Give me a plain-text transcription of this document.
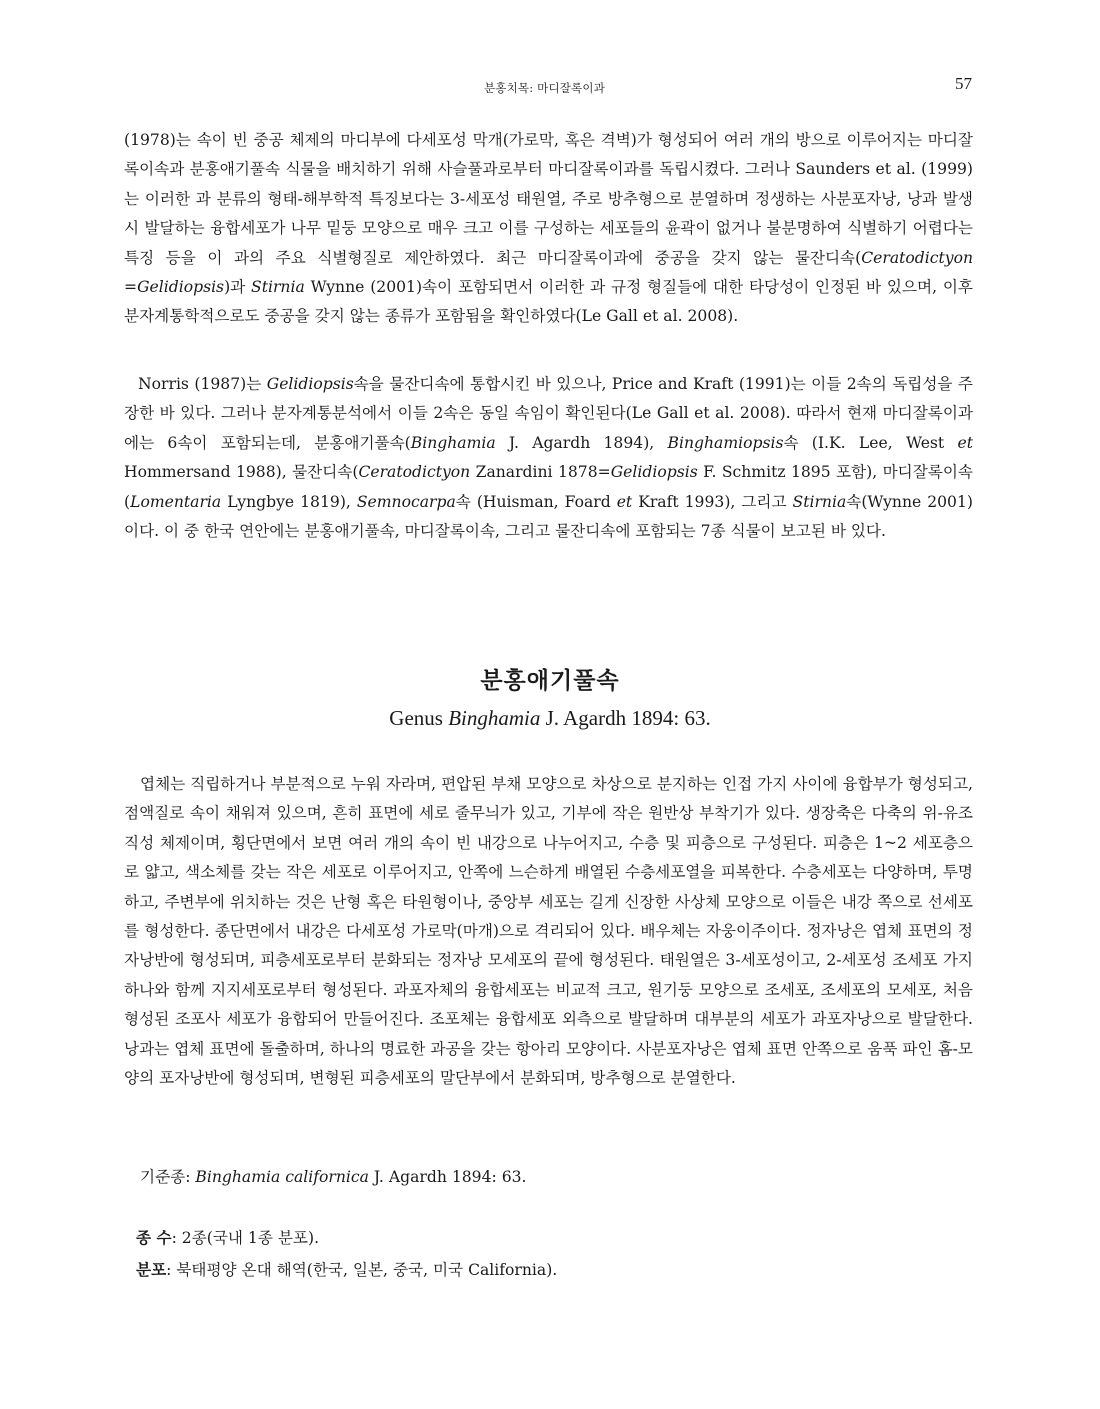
분홍치목: 마디잘록이과	57

(1978)는 속이 빈 중공 체제의 마디부에 다세포성 막개(가로막, 혹은 격벽)가 형성되어 여러 개의 방으로 이루어지는 마디잘록이속과 분홍애기풀속 식물을 배치하기 위해 사슬풀과로부터 마디잘록이과를 독립시켰다. 그러나 Saunders et al. (1999)는 이러한 과 분류의 형태-해부학적 특징보다는 3-세포성 태원열, 주로 방추형으로 분열하며 정생하는 사분포자낭, 낭과 발생 시 발달하는 융합세포가 나무 밑둥 모양으로 매우 크고 이를 구성하는 세포들의 윤곽이 없거나 불분명하여 식별하기 어렵다는 특징 등을 이 과의 주요 식별형질로 제안하였다. 최근 마디잘록이과에 중공을 갖지 않는 물잔디속(Ceratodictyon =Gelidiopsis)과 Stirnia Wynne (2001)속이 포함되면서 이러한 과 규정 형질들에 대한 타당성이 인정된 바 있으며, 이후 분자계통학적으로도 중공을 갖지 않는 종류가 포함됨을 확인하였다(Le Gall et al. 2008).

Norris (1987)는 Gelidiopsis속을 물잔디속에 통합시킨 바 있으나, Price and Kraft (1991)는 이들 2속의 독립성을 주장한 바 있다. 그러나 분자계통분석에서 이들 2속은 동일 속임이 확인된다(Le Gall et al. 2008). 따라서 현재 마디잘록이과에는 6속이 포함되는데, 분홍애기풀속(Binghamia J. Agardh 1894), Binghamiopsis속 (I.K. Lee, West et Hommersand 1988), 물잔디속(Ceratodictyon Zanardini 1878=Gelidiopsis F. Schmitz 1895 포함), 마디잘록이속(Lomentaria Lyngbye 1819), Semnocarpa속 (Huisman, Foard et Kraft 1993), 그리고 Stirnia속(Wynne 2001)이다. 이 중 한국 연안에는 분홍애기풀속, 마디잘록이속, 그리고 물잔디속에 포함되는 7종 식물이 보고된 바 있다.

분홍애기풀속
Genus Binghamia J. Agardh 1894: 63.

엽체는 직립하거나 부분적으로 누워 자라며, 편압된 부채 모양으로 차상으로 분지하는 인접 가지 사이에 융합부가 형성되고, 점액질로 속이 채워져 있으며, 흔히 표면에 세로 줄무늬가 있고, 기부에 작은 원반상 부착기가 있다. 생장축은 다축의 위-유조직성 체제이며, 횡단면에서 보면 여러 개의 속이 빈 내강으로 나누어지고, 수층 및 피층으로 구성된다. 피층은 1~2 세포층으로 얇고, 색소체를 갖는 작은 세포로 이루어지고, 안쪽에 느슨하게 배열된 수층세포열을 피복한다. 수층세포는 다양하며, 투명하고, 주변부에 위치하는 것은 난형 혹은 타원형이나, 중앙부 세포는 길게 신장한 사상체 모양으로 이들은 내강 쪽으로 선세포를 형성한다. 종단면에서 내강은 다세포성 가로막(마개)으로 격리되어 있다. 배우체는 자웅이주이다. 정자낭은 엽체 표면의 정자낭반에 형성되며, 피층세포로부터 분화되는 정자낭 모세포의 끝에 형성된다. 태원열은 3-세포성이고, 2-세포성 조세포 가지 하나와 함께 지지세포로부터 형성된다. 과포자체의 융합세포는 비교적 크고, 원기둥 모양으로 조세포, 조세포의 모세포, 처음 형성된 조포사 세포가 융합되어 만들어진다. 조포체는 융합세포 외측으로 발달하며 대부분의 세포가 과포자낭으로 발달한다. 낭과는 엽체 표면에 돌출하며, 하나의 명료한 과공을 갖는 항아리 모양이다. 사분포자낭은 엽체 표면 안쪽으로 움푹 파인 홈-모양의 포자낭반에 형성되며, 변형된 피층세포의 말단부에서 분화되며, 방추형으로 분열한다.

기준종: Binghamia californica J. Agardh 1894: 63.

종 수: 2종(국내 1종 분포).

분포: 북태평양 온대 해역(한국, 일본, 중국, 미국 California).
